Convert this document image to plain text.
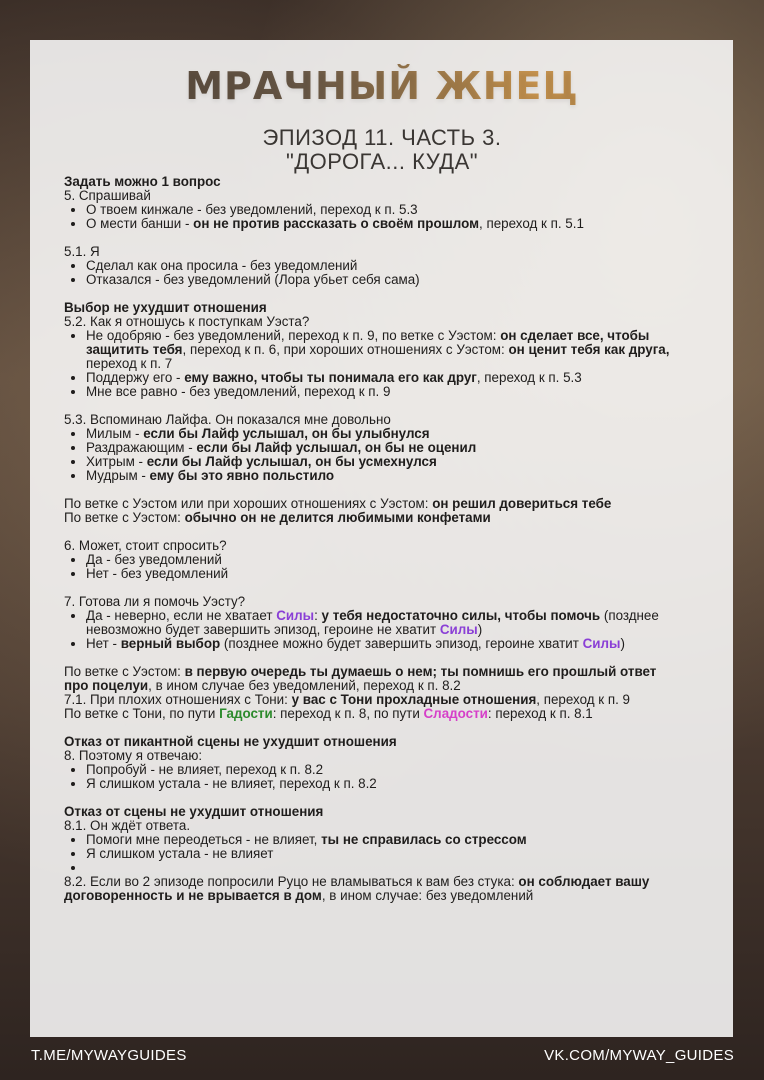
МРАЧНЫЙ ЖНЕЦ
ЭПИЗОД 11. ЧАСТЬ 3.
"ДОРОГА... КУДА"

Задать можно 1 вопрос

5. Спрашивай

• О твоем кинжале - без уведомлений, переход к п. 5.3
• О мести банши - он не против рассказать о своём прошлом, переход к п. 5.1

5.1. Я

• Сделал как она просила - без уведомлений
• Отказался - без уведомлений (Лора убьет себя сама)

Выбор не ухудшит отношения

5.2. Как я отношусь к поступкам Уэста?

• Не одобряю - без уведомлений, переход к п. 9, по ветке с Уэстом: он сделает все, чтобы защитить тебя, переход к п. 6, при хороших отношениях с Уэстом: он ценит тебя как друга, переход к п. 7
• Поддержу его - ему важно, чтобы ты понимала его как друг, переход к п. 5.3
• Мне все равно - без уведомлений, переход к п. 9

5.3. Вспоминаю Лайфа. Он показался мне довольно

• Милым - если бы Лайф услышал, он бы улыбнулся
• Раздражающим - если бы Лайф услышал, он бы не оценил
• Хитрым - если бы Лайф услышал, он бы усмехнулся
• Мудрым - ему бы это явно польстило

По ветке с Уэстом или при хороших отношениях с Уэстом: он решил довериться тебе

По ветке с Уэстом: обычно он не делится любимыми конфетами

6. Может, стоит спросить?

• Да - без уведомлений
• Нет - без уведомлений

7. Готова ли я помочь Уэсту?

• Да - неверно, если не хватает Силы: у тебя недостаточно силы, чтобы помочь (позднее невозможно будет завершить эпизод, героине не хватит Силы)
• Нет - верный выбор (позднее можно будет завершить эпизод, героине хватит Силы)

По ветке с Уэстом: в первую очередь ты думаешь о нем; ты помнишь его прошлый ответ про поцелуи, в ином случае без уведомлений, переход к п. 8.2

7.1. При плохих отношениях с Тони: у вас с Тони прохладные отношения, переход к п. 9

По ветке с Тони, по пути Гадости: переход к п. 8, по пути Сладости: переход к п. 8.1

Отказ от пикантной сцены не ухудшит отношения

8. Поэтому я отвечаю:

• Попробуй - не влияет, переход к п. 8.2
• Я слишком устала - не влияет, переход к п. 8.2

Отказ от сцены не ухудшит отношения

8.1. Он ждёт ответа.

• Помоги мне переодеться - не влияет, ты не справилась со стрессом
• Я слишком устала - не влияет
•

8.2. Если во 2 эпизоде попросили Руцо не вламываться к вам без стука: он соблюдает вашу договоренность и не врывается в дом, в ином случае: без уведомлений

T.ME/MYWAYGUIDES	VK.COM/MYWAY_GUIDES
